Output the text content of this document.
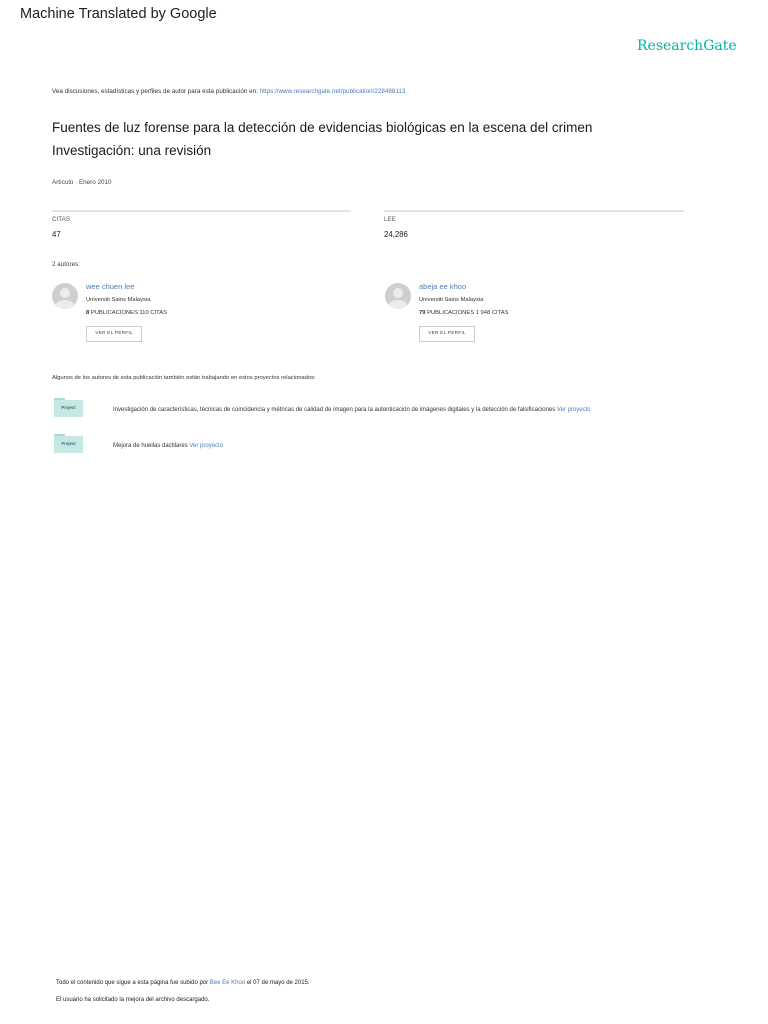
Machine Translated by Google
ResearchGate
Vea discusiones, estadísticas y perfiles de autor para esta publicación en: https://www.researchgate.net/publication/228488113
Fuentes de luz forense para la detección de evidencias biológicas en la escena del crimen
Investigación: una revisión
Artículo · Enero 2010
CITAS
47
LEE
24,286
2 autores:
wee chuen lee
Universiti Sains Malaysia
8 PUBLICACIONES 110 CITAS
VER EL PERFIL
abeja ee khoo
Universiti Sains Malaysia
79 PUBLICACIONES 1 948 CITAS
VER EL PERFIL
Algunos de los autores de esta publicación también están trabajando en estos proyectos relacionados:
Project	Investigación de características, técnicas de coincidencia y métricas de calidad de imagen para la autenticación de imágenes digitales y la detección de falsificaciones Ver proyecto
Project	Mejora de huellas dactilares Ver proyecto
Todo el contenido que sigue a esta página fue subido por Bee Ee Khoo el 07 de mayo de 2015.
El usuario ha solicitado la mejora del archivo descargado.
